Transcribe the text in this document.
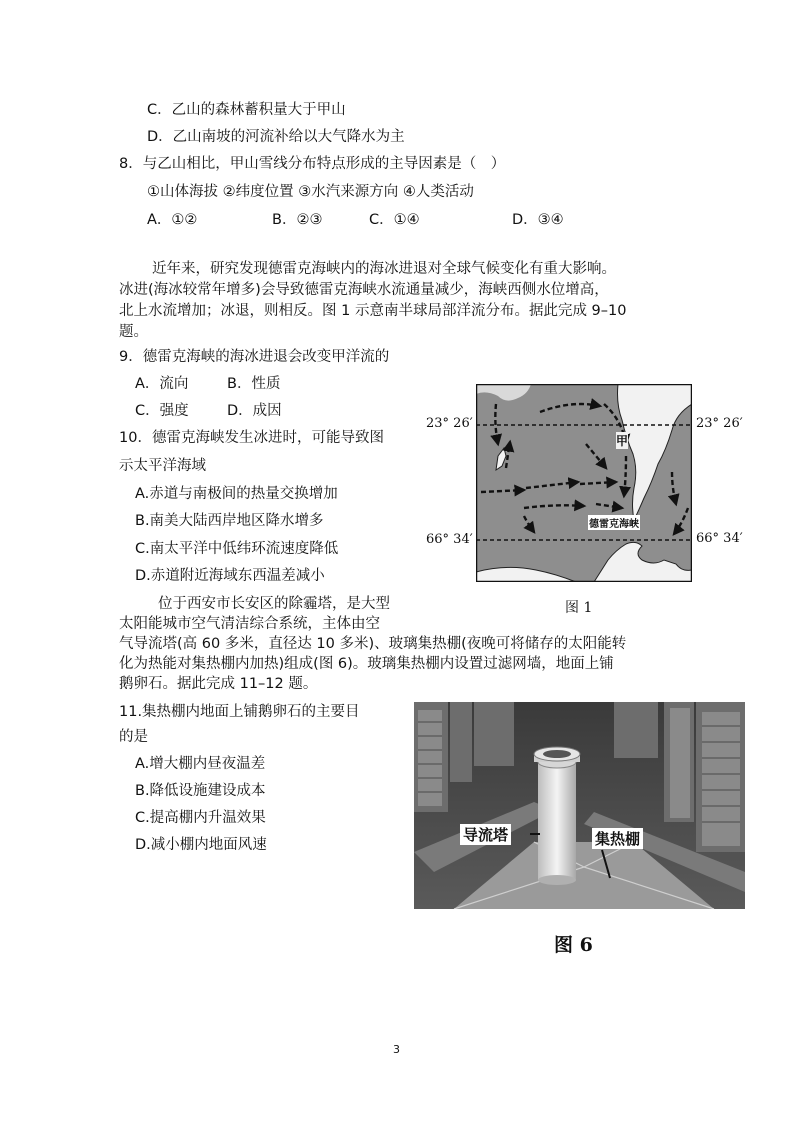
C．乙山的森林蓄积量大于甲山
D．乙山南坡的河流补给以大气降水为主
8．与乙山相比，甲山雪线分布特点形成的主导因素是（　）
①山体海拔 ②纬度位置 ③水汽来源方向 ④人类活动
A．①②	B．②③	C．①④	D．③④
近年来，研究发现德雷克海峡内的海冰进退对全球气候变化有重大影响。
冰进(海冰较常年增多)会导致德雷克海峡水流通量减少，海峡西侧水位增高，
北上水流增加；冰退，则相反。图 1 示意南半球局部洋流分布。据此完成 9–10
题。
9．德雷克海峡的海冰进退会改变甲洋流的
A．流向	B．性质
C．强度	D．成因
10．德雷克海峡发生冰进时，可能导致图
示太平洋海域
A.赤道与南极间的热量交换增加
B.南美大陆西岸地区降水增多
C.南太平洋中低纬环流速度降低
D.赤道附近海域东西温差减小
甲
德雷克海峡
23° 26′	23° 26′
66° 34′	66° 34′
图 1
位于西安市长安区的除霾塔，是大型
太阳能城市空气清洁综合系统，主体由空
气导流塔(高 60 多米，直径达 10 多米)、玻璃集热棚(夜晚可将储存的太阳能转
化为热能对集热棚内加热)组成(图 6)。玻璃集热棚内设置过滤网墙，地面上铺
鹅卵石。据此完成 11–12 题。
11.集热棚内地面上铺鹅卵石的主要目
的是
A.增大棚内昼夜温差
B.降低设施建设成本
C.提高棚内升温效果
D.减小棚内地面风速
导流塔	集热棚
图 6
3
